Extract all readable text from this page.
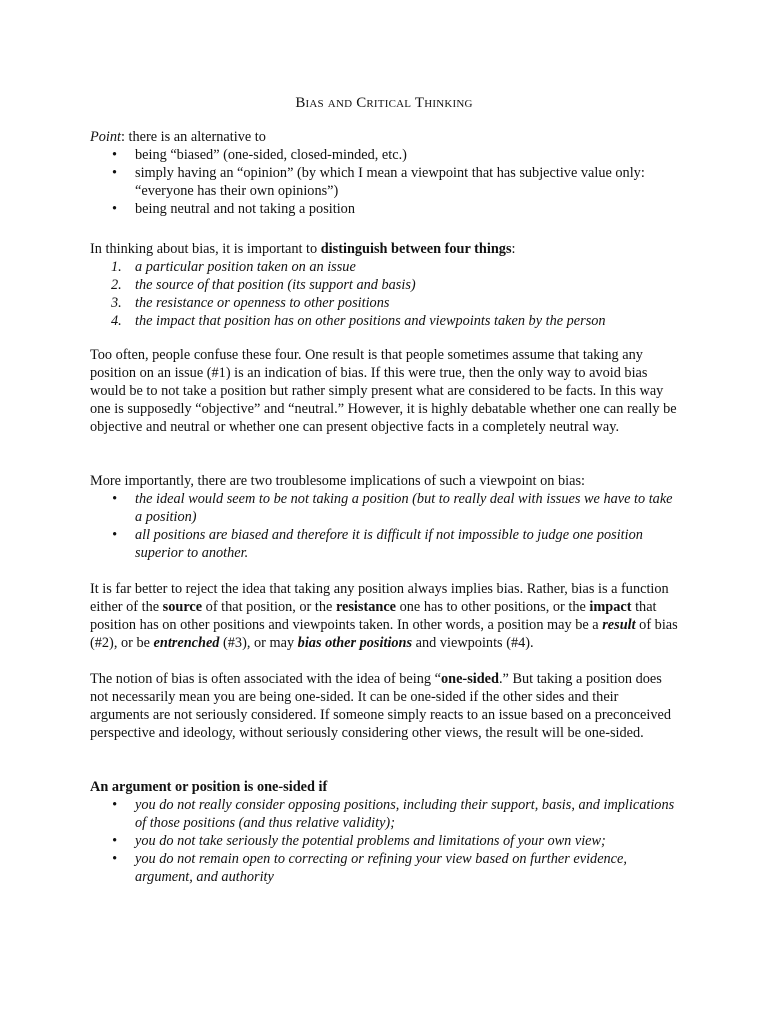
Bias and Critical Thinking

Point: there is an alternative to

• being “biased” (one-sided, closed-minded, etc.)
• simply having an “opinion” (by which I mean a viewpoint that has subjective value only: “everyone has their own opinions”)
• being neutral and not taking a position

In thinking about bias, it is important to distinguish between four things:

1. a particular position taken on an issue
2. the source of that position (its support and basis)
3. the resistance or openness to other positions
4. the impact that position has on other positions and viewpoints taken by the person

Too often, people confuse these four. One result is that people sometimes assume that taking any position on an issue (#1) is an indication of bias. If this were true, then the only way to avoid bias would be to not take a position but rather simply present what are considered to be facts. In this way one is supposedly “objective” and “neutral.” However, it is highly debatable whether one can really be objective and neutral or whether one can present objective facts in a completely neutral way.

More importantly, there are two troublesome implications of such a viewpoint on bias:

• the ideal would seem to be not taking a position (but to really deal with issues we have to take a position)
• all positions are biased and therefore it is difficult if not impossible to judge one position superior to another.

It is far better to reject the idea that taking any position always implies bias. Rather, bias is a function either of the source of that position, or the resistance one has to other positions, or the impact that position has on other positions and viewpoints taken. In other words, a position may be a result of bias (#2), or be entrenched (#3), or may bias other positions and viewpoints (#4).

The notion of bias is often associated with the idea of being “one-sided.” But taking a position does not necessarily mean you are being one-sided. It can be one-sided if the other sides and their arguments are not seriously considered. If someone simply reacts to an issue based on a preconceived perspective and ideology, without seriously considering other views, the result will be one-sided.

An argument or position is one-sided if

• you do not really consider opposing positions, including their support, basis, and implications of those positions (and thus relative validity);
• you do not take seriously the potential problems and limitations of your own view;
• you do not remain open to correcting or refining your view based on further evidence, argument, and authority
